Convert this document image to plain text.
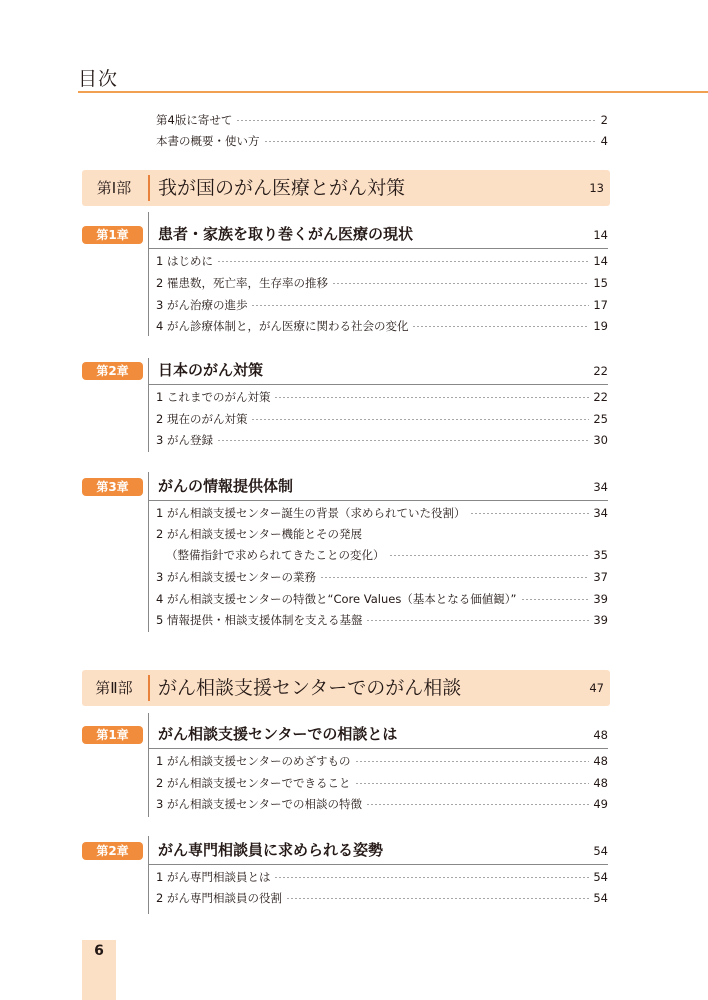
目次
第4版に寄せて	2
本書の概要・使い方	4
第Ⅰ部	我が国のがん医療とがん対策	13
第1章	患者・家族を取り巻くがん医療の現状	14
1 はじめに	14
2 罹患数，死亡率，生存率の推移	15
3 がん治療の進歩	17
4 がん診療体制と，がん医療に関わる社会の変化	19
第2章	日本のがん対策	22
1 これまでのがん対策	22
2 現在のがん対策	25
3 がん登録	30
第3章	がんの情報提供体制	34
1 がん相談支援センター誕生の背景（求められていた役割）	34
2 がん相談支援センター機能とその発展
（整備指針で求められてきたことの変化）	35
3 がん相談支援センターの業務	37
4 がん相談支援センターの特徴と“Core Values（基本となる価値観）”	39
5 情報提供・相談支援体制を支える基盤	39
第Ⅱ部	がん相談支援センターでのがん相談	47
第1章	がん相談支援センターでの相談とは	48
1 がん相談支援センターのめざすもの	48
2 がん相談支援センターでできること	48
3 がん相談支援センターでの相談の特徴	49
第2章	がん専門相談員に求められる姿勢	54
1 がん専門相談員とは	54
2 がん専門相談員の役割	54
6
